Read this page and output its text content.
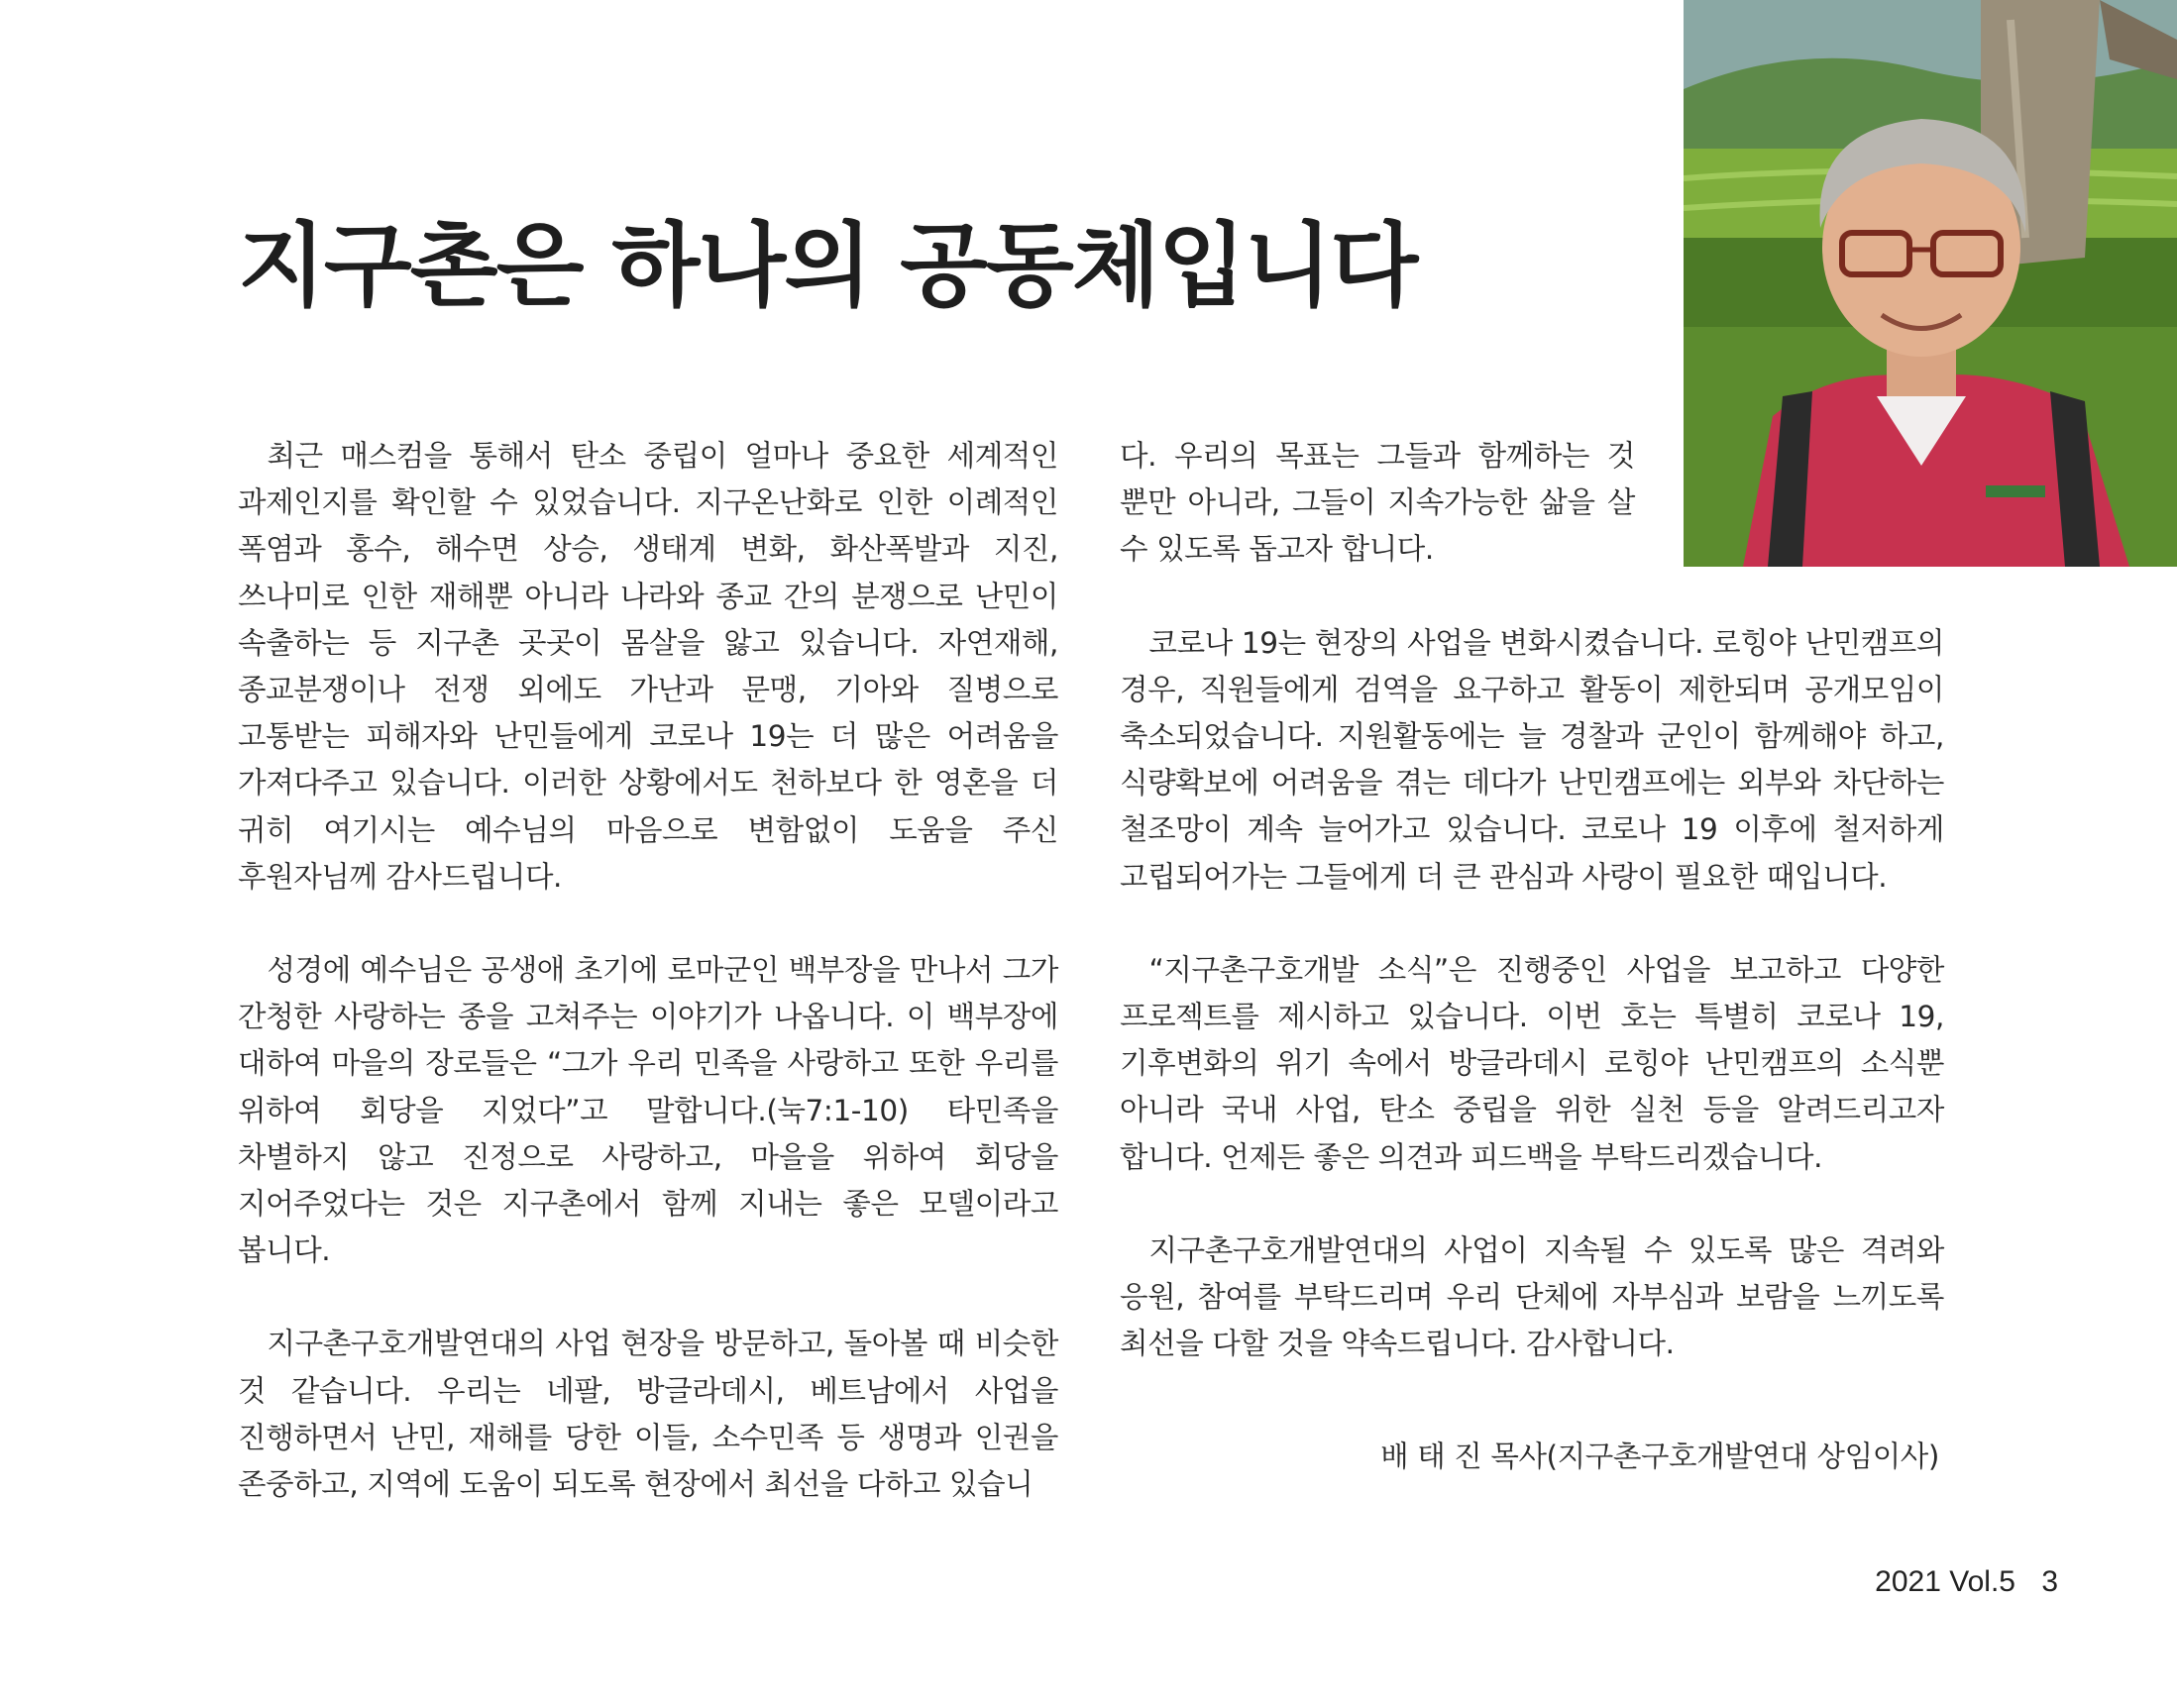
지구촌은 하나의 공동체입니다

최근 매스컴을 통해서 탄소 중립이 얼마나 중요한 세계적인 과제인지를 확인할 수 있었습니다. 지구온난화로 인한 이례적인 폭염과 홍수, 해수면 상승, 생태계 변화, 화산폭발과 지진, 쓰나미로 인한 재해뿐 아니라 나라와 종교 간의 분쟁으로 난민이 속출하는 등 지구촌 곳곳이 몸살을 앓고 있습니다. 자연재해, 종교분쟁이나 전쟁 외에도 가난과 문맹, 기아와 질병으로 고통받는 피해자와 난민들에게 코로나 19는 더 많은 어려움을 가져다주고 있습니다. 이러한 상황에서도 천하보다 한 영혼을 더 귀히 여기시는 예수님의 마음으로 변함없이 도움을 주신 후원자님께 감사드립니다.

성경에 예수님은 공생애 초기에 로마군인 백부장을 만나서 그가 간청한 사랑하는 종을 고쳐주는 이야기가 나옵니다. 이 백부장에 대하여 마을의 장로들은 “그가 우리 민족을 사랑하고 또한 우리를 위하여 회당을 지었다”고 말합니다.(눅7:1-10) 타민족을 차별하지 않고 진정으로 사랑하고, 마을을 위하여 회당을 지어주었다는 것은 지구촌에서 함께 지내는 좋은 모델이라고 봅니다.

지구촌구호개발연대의 사업 현장을 방문하고, 돌아볼 때 비슷한 것 같습니다. 우리는 네팔, 방글라데시, 베트남에서 사업을 진행하면서 난민, 재해를 당한 이들, 소수민족 등 생명과 인권을 존중하고, 지역에 도움이 되도록 현장에서 최선을 다하고 있습니

다. 우리의 목표는 그들과 함께하는 것 뿐만 아니라, 그들이 지속가능한 삶을 살 수 있도록 돕고자 합니다.

코로나 19는 현장의 사업을 변화시켰습니다. 로힝야 난민캠프의 경우, 직원들에게 검역을 요구하고 활동이 제한되며 공개모임이 축소되었습니다. 지원활동에는 늘 경찰과 군인이 함께해야 하고, 식량확보에 어려움을 겪는 데다가 난민캠프에는 외부와 차단하는 철조망이 계속 늘어가고 있습니다. 코로나 19 이후에 철저하게 고립되어가는 그들에게 더 큰 관심과 사랑이 필요한 때입니다.

“지구촌구호개발 소식”은 진행중인 사업을 보고하고 다양한 프로젝트를 제시하고 있습니다. 이번 호는 특별히 코로나 19, 기후변화의 위기 속에서 방글라데시 로힝야 난민캠프의 소식뿐 아니라 국내 사업, 탄소 중립을 위한 실천 등을 알려드리고자 합니다. 언제든 좋은 의견과 피드백을 부탁드리겠습니다.

지구촌구호개발연대의 사업이 지속될 수 있도록 많은 격려와 응원, 참여를 부탁드리며 우리 단체에 자부심과 보람을 느끼도록 최선을 다할 것을 약속드립니다. 감사합니다.

배 태 진 목사(지구촌구호개발연대 상임이사)
2021 Vol.5 3
